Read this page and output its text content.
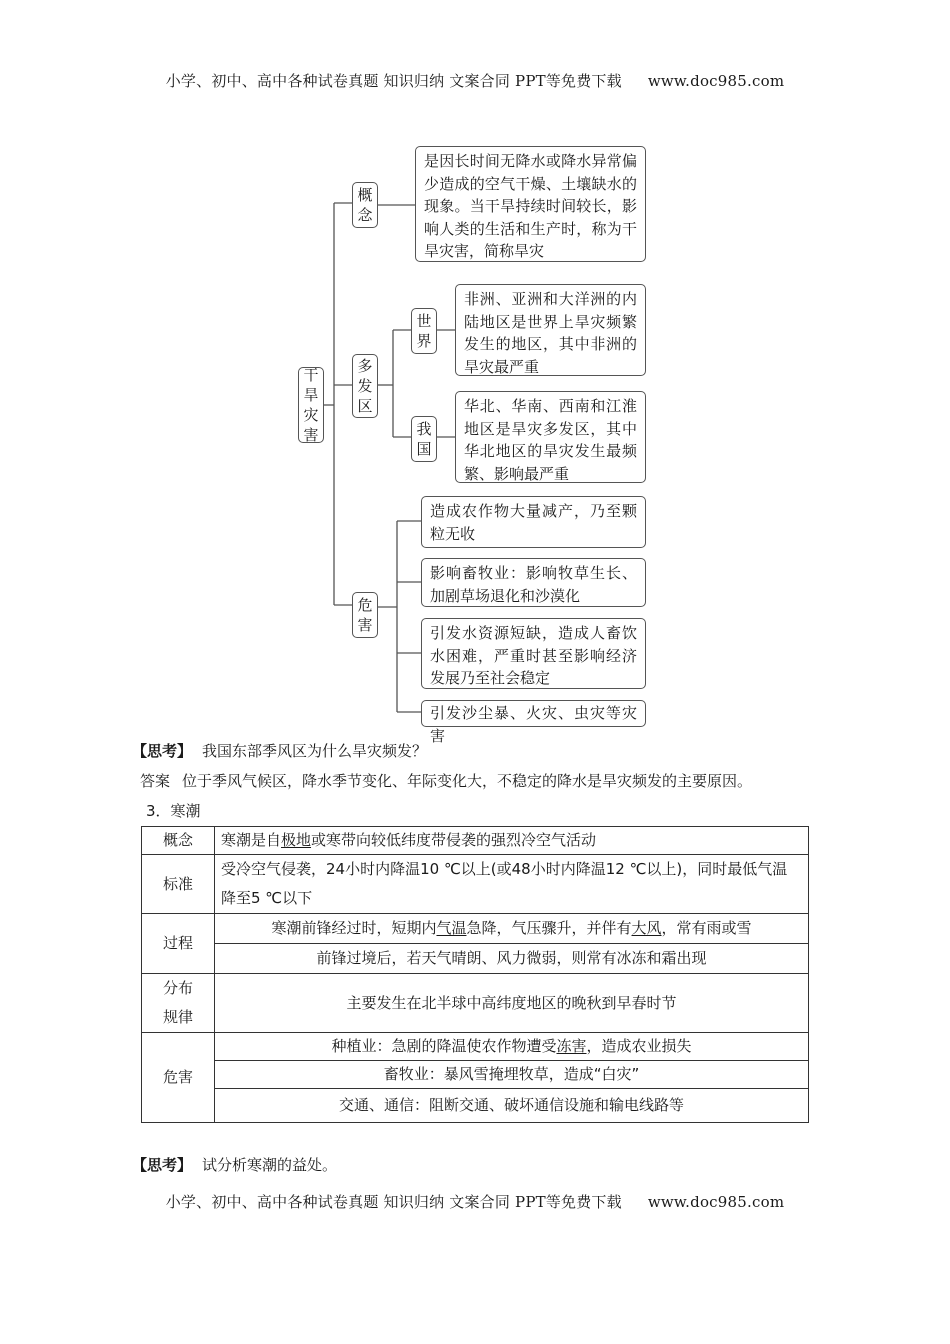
小学、初中、高中各种试卷真题 知识归纳 文案合同 PPT等免费下载 www.doc985.com
干
旱
灾
害
概
念
是因长时间无降水或降水异常偏少造成的空气干燥、土壤缺水的现象。当干旱持续时间较长，影响人类的生活和生产时，称为干旱灾害，简称旱灾
多
发
区
世
界
非洲、亚洲和大洋洲的内陆地区是世界上旱灾频繁发生的地区，其中非洲的旱灾最严重
我
国
华北、华南、西南和江淮地区是旱灾多发区，其中华北地区的旱灾发生最频繁、影响最严重
危
害
造成农作物大量减产，乃至颗粒无收
影响畜牧业：影响牧草生长、加剧草场退化和沙漠化
引发水资源短缺，造成人畜饮水困难，严重时甚至影响经济发展乃至社会稳定
引发沙尘暴、火灾、虫灾等灾害
【思考】 我国东部季风区为什么旱灾频发？
答案 位于季风气候区，降水季节变化、年际变化大，不稳定的降水是旱灾频发的主要原因。
3．寒潮
概念	寒潮是自极地或寒带向较低纬度带侵袭的强烈冷空气活动
标准	受冷空气侵袭，24小时内降温10 ℃以上(或48小时内降温12 ℃以上)，同时最低气温降至5 ℃以下
过程	寒潮前锋经过时，短期内气温急降，气压骤升，并伴有大风，常有雨或雪
	前锋过境后，若天气晴朗、风力微弱，则常有冰冻和霜出现
分布
规律	主要发生在北半球中高纬度地区的晚秋到早春时节
危害	种植业：急剧的降温使农作物遭受冻害，造成农业损失
	畜牧业：暴风雪掩埋牧草，造成“白灾”
	交通、通信：阻断交通、破坏通信设施和输电线路等
【思考】 试分析寒潮的益处。
小学、初中、高中各种试卷真题 知识归纳 文案合同 PPT等免费下载 www.doc985.com
